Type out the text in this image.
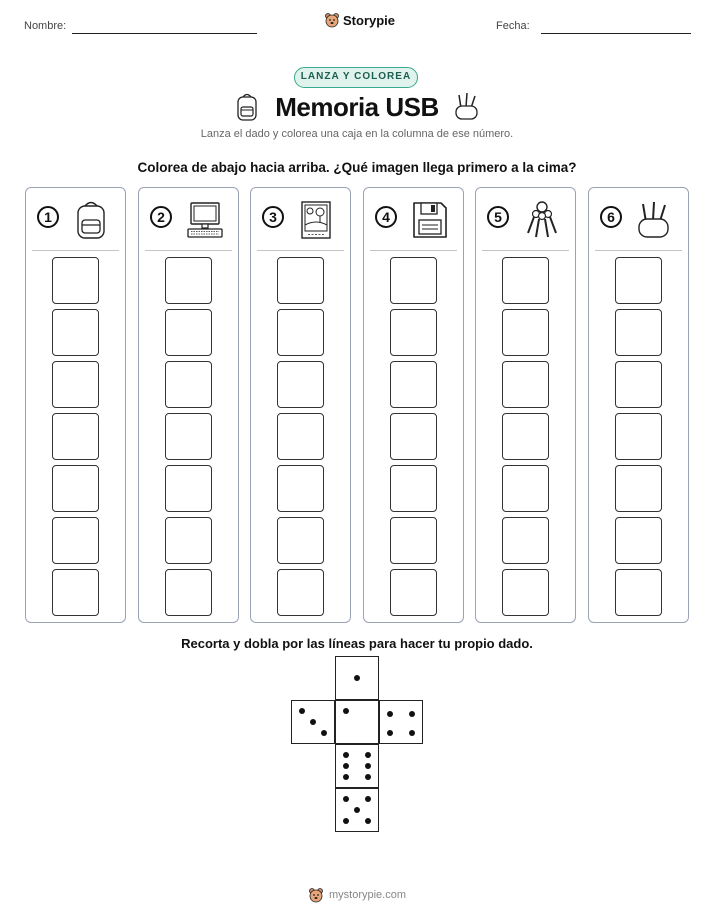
Nombre:	Storypie	Fecha:
LANZA Y COLOREA
Memoria USB
Lanza el dado y colorea una caja en la columna de ese número.
Colorea de abajo hacia arriba. ¿Qué imagen llega primero a la cima?
1	2	3	4	5	6
Recorta y dobla por las líneas para hacer tu propio dado.
mystorypie.com
